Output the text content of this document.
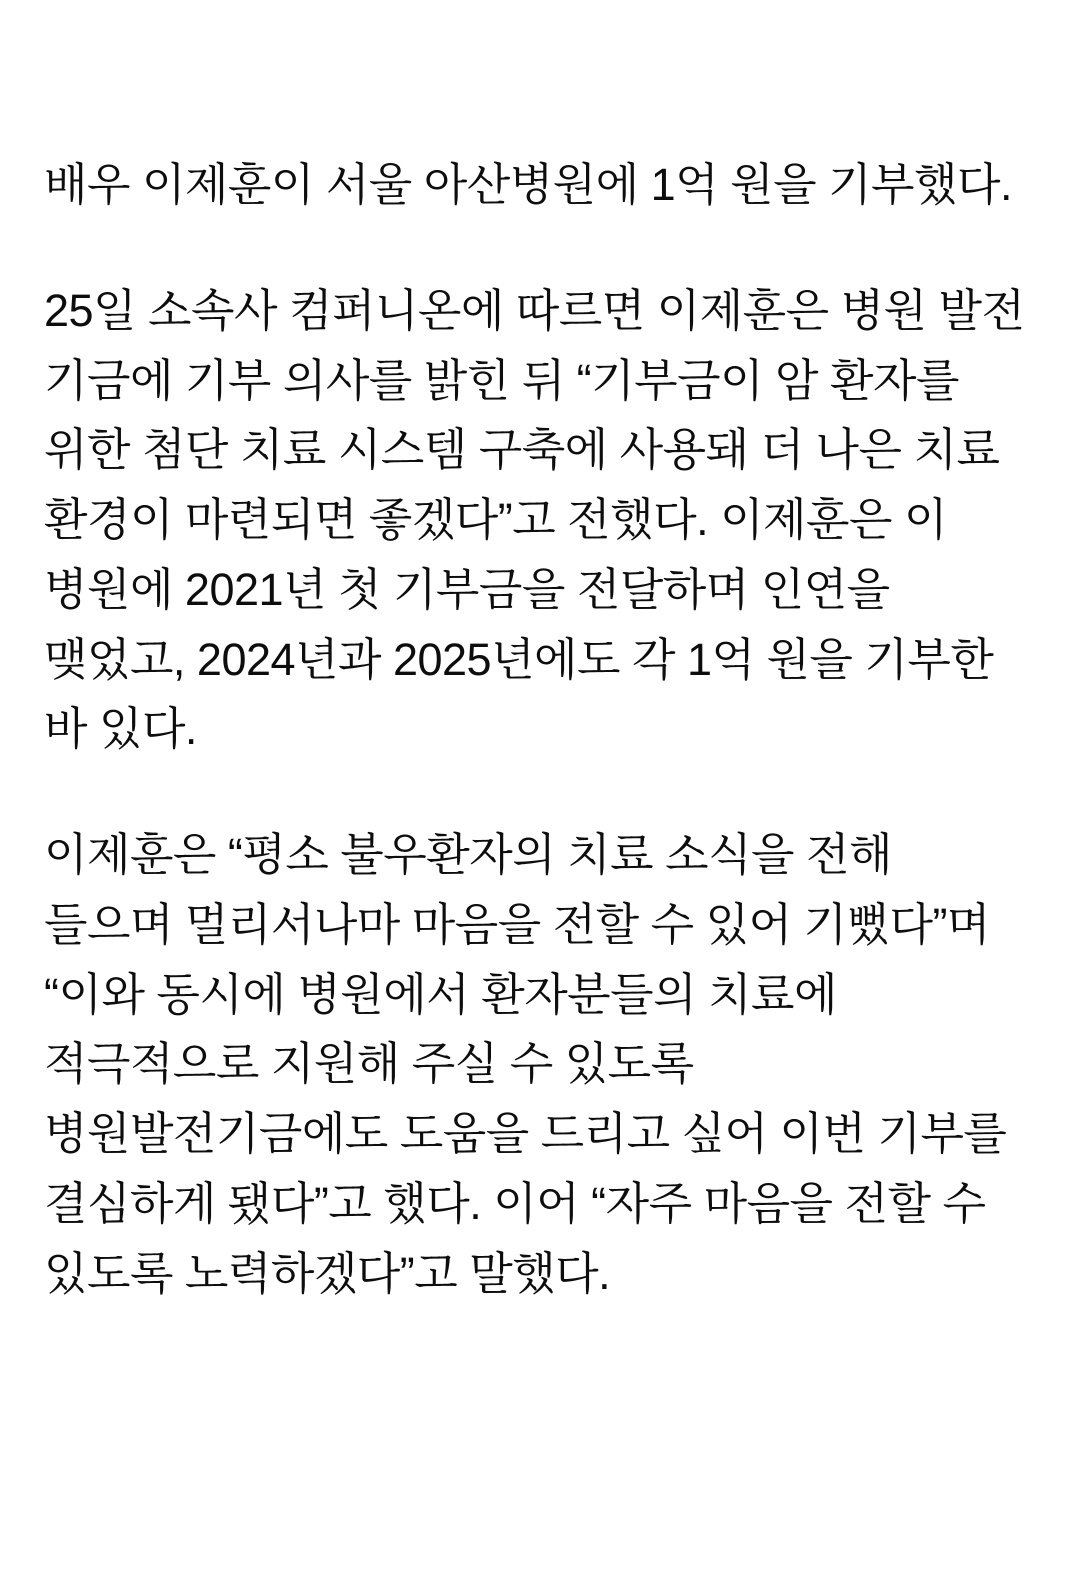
배우 이제훈이 서울 아산병원에 1억 원을 기부했다.

25일 소속사 컴퍼니온에 따르면 이제훈은 병원 발전 기금에 기부 의사를 밝힌 뒤 “기부금이 암 환자를 위한 첨단 치료 시스템 구축에 사용돼 더 나은 치료 환경이 마련되면 좋겠다”고 전했다. 이제훈은 이 병원에 2021년 첫 기부금을 전달하며 인연을 맺었고, 2024년과 2025년에도 각 1억 원을 기부한 바 있다.

이제훈은 “평소 불우환자의 치료 소식을 전해 들으며 멀리서나마 마음을 전할 수 있어 기뻤다”며 “이와 동시에 병원에서 환자분들의 치료에 적극적으로 지원해 주실 수 있도록 병원발전기금에도 도움을 드리고 싶어 이번 기부를 결심하게 됐다”고 했다. 이어 “자주 마음을 전할 수 있도록 노력하겠다”고 말했다.
